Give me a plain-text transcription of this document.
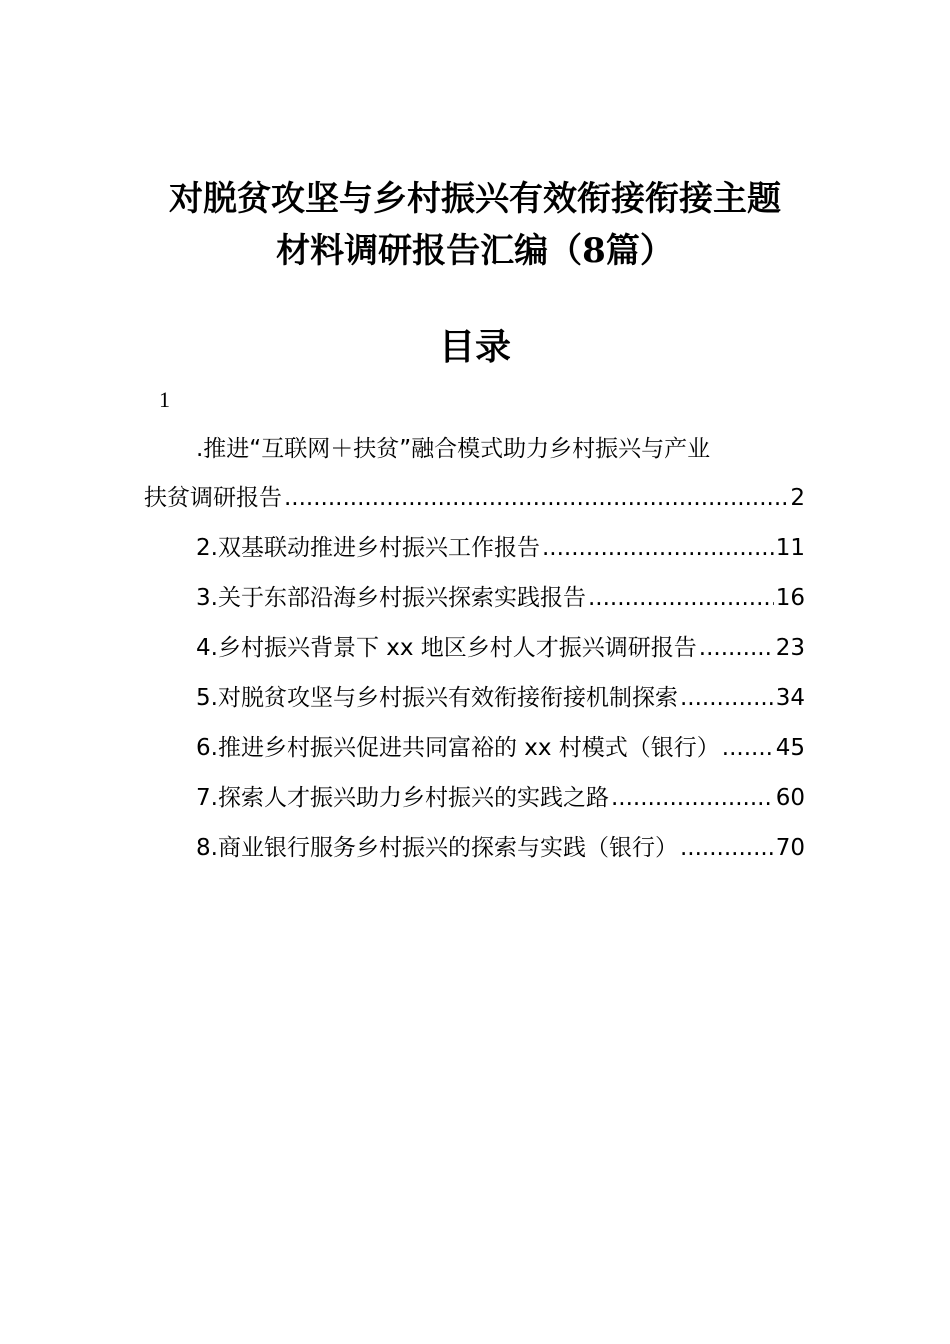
对脱贫攻坚与乡村振兴有效衔接衔接主题
材料调研报告汇编（8篇）
目录
1
.推进“互联网＋扶贫”融合模式助力乡村振兴与产业
扶贫调研报告 .....	2
2.双基联动推进乡村振兴工作报告 .....	11
3.关于东部沿海乡村振兴探索实践报告 .....	16
4.乡村振兴背景下 xx 地区乡村人才振兴调研报告 .....	23
5.对脱贫攻坚与乡村振兴有效衔接衔接机制探索 .....	34
6.推进乡村振兴促进共同富裕的 xx 村模式（银行） ..... 45
7.探索人才振兴助力乡村振兴的实践之路 .....	60
8.商业银行服务乡村振兴的探索与实践（银行） .....	70
